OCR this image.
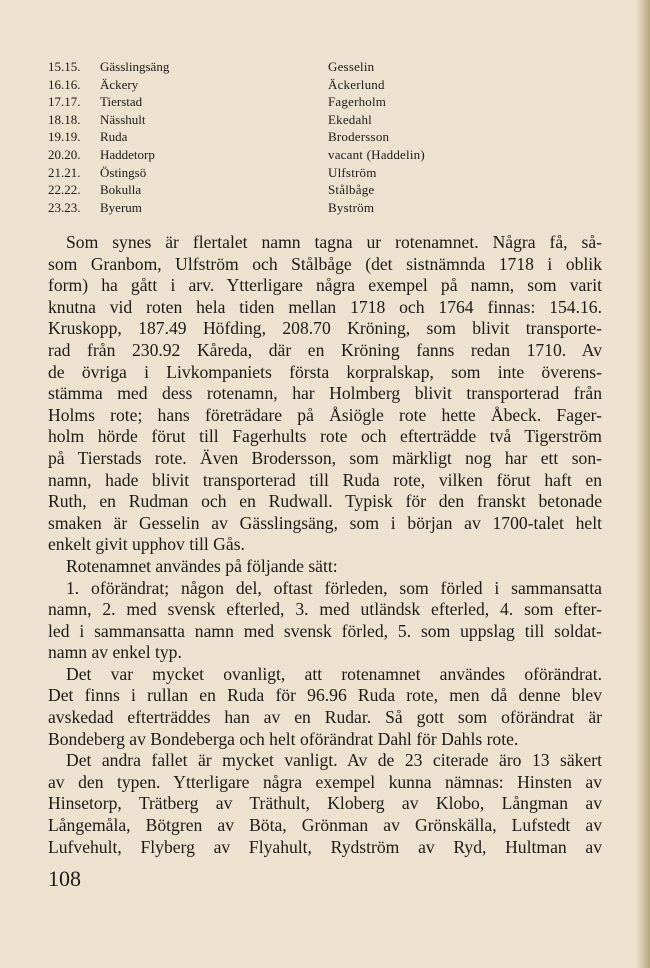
15.15.	Gässlingsäng	Gesselin
16.16.	Äckery	Äckerlund
17.17.	Tierstad	Fagerholm
18.18.	Nässhult	Ekedahl
19.19.	Ruda	Brodersson
20.20.	Haddetorp	vacant (Haddelin)
21.21.	Östingsö	Ulfström
22.22.	Bokulla	Stålbåge
23.23.	Byerum	Byström
Som synes är flertalet namn tagna ur rotenamnet. Några få, så-
som Granbom, Ulfström och Stålbåge (det sistnämnda 1718 i oblik
form) ha gått i arv. Ytterligare några exempel på namn, som varit
knutna vid roten hela tiden mellan 1718 och 1764 finnas: 154.16.
Kruskopp, 187.49 Höfding, 208.70 Kröning, som blivit transporte-
rad från 230.92 Kåreda, där en Kröning fanns redan 1710. Av
de övriga i Livkompaniets första korpralskap, som inte överens-
stämma med dess rotenamn, har Holmberg blivit transporterad från
Holms rote; hans företrädare på Åsiögle rote hette Åbeck. Fager-
holm hörde förut till Fagerhults rote och efterträdde två Tigerström
på Tierstads rote. Även Brodersson, som märkligt nog har ett son-
namn, hade blivit transporterad till Ruda rote, vilken förut haft en
Ruth, en Rudman och en Rudwall. Typisk för den franskt betonade
smaken är Gesselin av Gässlingsäng, som i början av 1700-talet helt
enkelt givit upphov till Gås.
Rotenamnet användes på följande sätt:
1. oförändrat; någon del, oftast förleden, som förled i sammansatta
namn, 2. med svensk efterled, 3. med utländsk efterled, 4. som efter-
led i sammansatta namn med svensk förled, 5. som uppslag till soldat-
namn av enkel typ.
Det var mycket ovanligt, att rotenamnet användes oförändrat.
Det finns i rullan en Ruda för 96.96 Ruda rote, men då denne blev
avskedad efterträddes han av en Rudar. Så gott som oförändrat är
Bondeberg av Bondeberga och helt oförändrat Dahl för Dahls rote.
Det andra fallet är mycket vanligt. Av de 23 citerade äro 13 säkert
av den typen. Ytterligare några exempel kunna nämnas: Hinsten av
Hinsetorp, Trätberg av Träthult, Kloberg av Klobo, Långman av
Långemåla, Bötgren av Böta, Grönman av Grönskälla, Lufstedt av
Lufvehult, Flyberg av Flyahult, Rydström av Ryd, Hultman av
108
